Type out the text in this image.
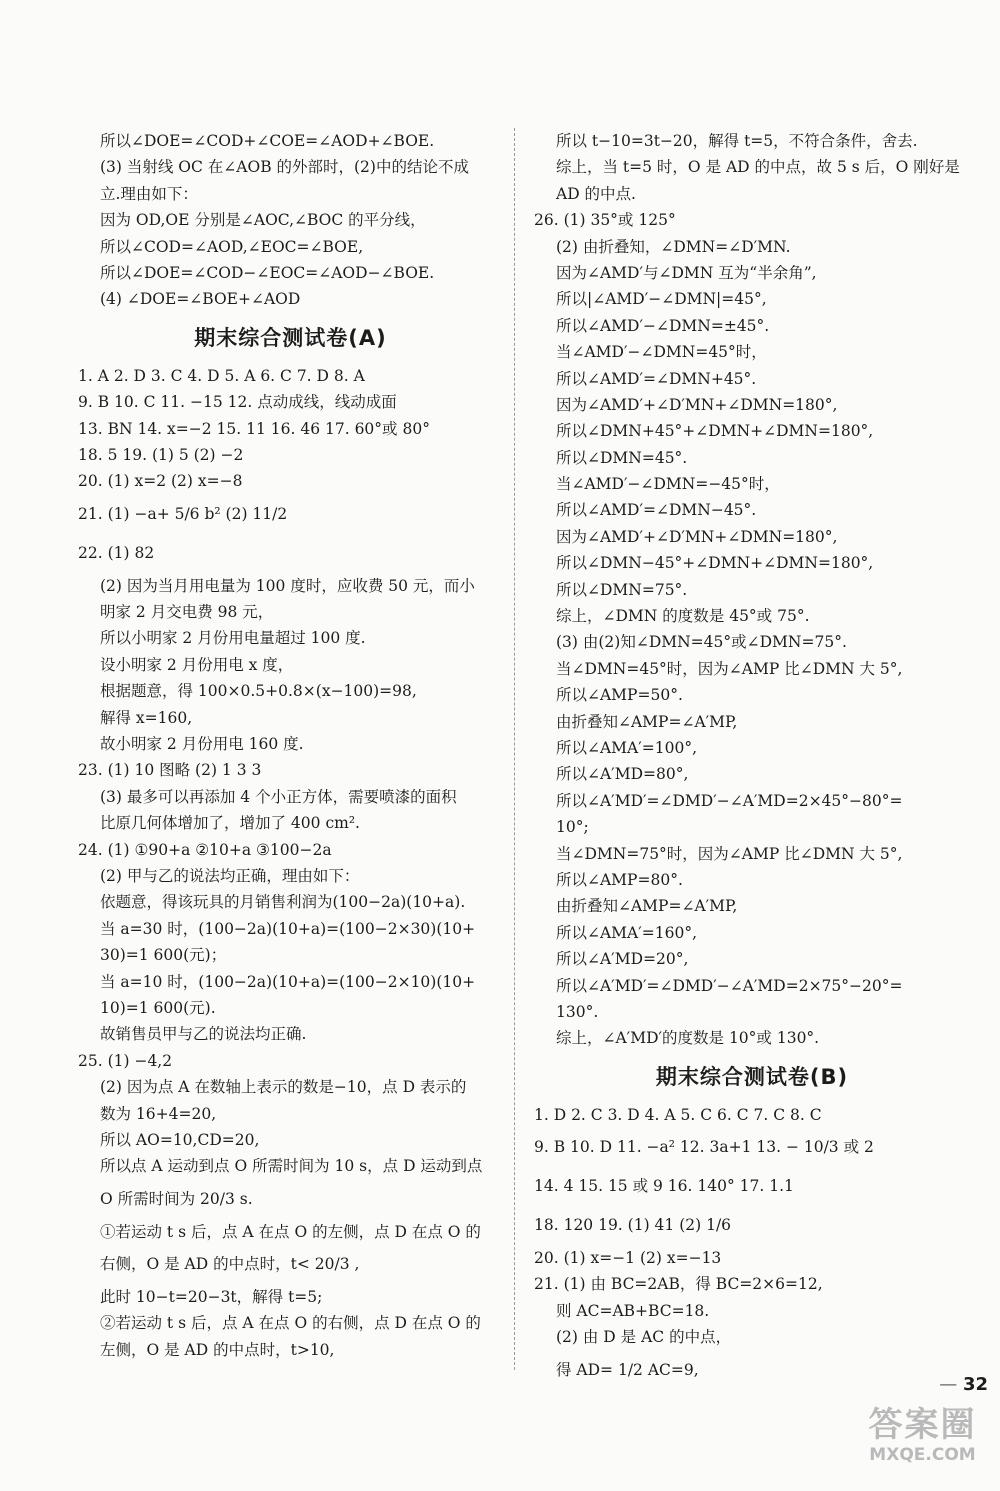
所以∠DOE=∠COD+∠COE=∠AOD+∠BOE.
(3) 当射线 OC 在∠AOB 的外部时，(2)中的结论不成
立.理由如下：
因为 OD,OE 分别是∠AOC,∠BOC 的平分线，
所以∠COD=∠AOD,∠EOC=∠BOE,
所以∠DOE=∠COD−∠EOC=∠AOD−∠BOE.
(4) ∠DOE=∠BOE+∠AOD
期末综合测试卷(A)
1. A 2. D 3. C 4. D 5. A 6. C 7. D 8. A
9. B 10. C 11. −15 12. 点动成线，线动成面
13. BN 14. x=−2 15. 11 16. 46 17. 60°或 80°
18. 5 19. (1) 5 (2) −2
20. (1) x=2 (2) x=−8
21. (1) −a+ 5/6 b² (2) 11/2
22. (1) 82
(2) 因为当月用电量为 100 度时，应收费 50 元，而小
明家 2 月交电费 98 元，
所以小明家 2 月份用电量超过 100 度.
设小明家 2 月份用电 x 度，
根据题意，得 100×0.5+0.8×(x−100)=98,
解得 x=160,
故小明家 2 月份用电 160 度.
23. (1) 10 图略 (2) 1 3 3
(3) 最多可以再添加 4 个小正方体，需要喷漆的面积
比原几何体增加了，增加了 400 cm².
24. (1) ①90+a ②10+a ③100−2a
(2) 甲与乙的说法均正确，理由如下：
依题意，得该玩具的月销售利润为(100−2a)(10+a).
当 a=30 时，(100−2a)(10+a)=(100−2×30)(10+
30)=1 600(元)；
当 a=10 时，(100−2a)(10+a)=(100−2×10)(10+
10)=1 600(元).
故销售员甲与乙的说法均正确.
25. (1) −4,2
(2) 因为点 A 在数轴上表示的数是−10，点 D 表示的
数为 16+4=20,
所以 AO=10,CD=20,
所以点 A 运动到点 O 所需时间为 10 s，点 D 运动到点
O 所需时间为 20/3 s.
①若运动 t s 后，点 A 在点 O 的左侧，点 D 在点 O 的
右侧，O 是 AD 的中点时，t< 20/3 ,
此时 10−t=20−3t，解得 t=5;
②若运动 t s 后，点 A 在点 O 的右侧，点 D 在点 O 的
左侧，O 是 AD 的中点时，t>10,
所以 t−10=3t−20，解得 t=5，不符合条件，舍去.
综上，当 t=5 时，O 是 AD 的中点，故 5 s 后，O 刚好是
AD 的中点.
26. (1) 35°或 125°
(2) 由折叠知，∠DMN=∠D′MN.
因为∠AMD′与∠DMN 互为“半余角”,
所以|∠AMD′−∠DMN|=45°,
所以∠AMD′−∠DMN=±45°.
当∠AMD′−∠DMN=45°时，
所以∠AMD′=∠DMN+45°.
因为∠AMD′+∠D′MN+∠DMN=180°,
所以∠DMN+45°+∠DMN+∠DMN=180°,
所以∠DMN=45°.
当∠AMD′−∠DMN=−45°时，
所以∠AMD′=∠DMN−45°.
因为∠AMD′+∠D′MN+∠DMN=180°,
所以∠DMN−45°+∠DMN+∠DMN=180°,
所以∠DMN=75°.
综上，∠DMN 的度数是 45°或 75°.
(3) 由(2)知∠DMN=45°或∠DMN=75°.
当∠DMN=45°时，因为∠AMP 比∠DMN 大 5°,
所以∠AMP=50°.
由折叠知∠AMP=∠A′MP,
所以∠AMA′=100°,
所以∠A′MD=80°,
所以∠A′MD′=∠DMD′−∠A′MD=2×45°−80°=
10°;
当∠DMN=75°时，因为∠AMP 比∠DMN 大 5°,
所以∠AMP=80°.
由折叠知∠AMP=∠A′MP,
所以∠AMA′=160°,
所以∠A′MD=20°,
所以∠A′MD′=∠DMD′−∠A′MD=2×75°−20°=
130°.
综上，∠A′MD′的度数是 10°或 130°.
期末综合测试卷(B)
1. D 2. C 3. D 4. A 5. C 6. C 7. C 8. C
9. B 10. D 11. −a² 12. 3a+1 13. − 10/3 或 2
14. 4 15. 15 或 9 16. 140° 17. 1.1
18. 120 19. (1) 41 (2) 1/6
20. (1) x=−1 (2) x=−13
21. (1) 由 BC=2AB，得 BC=2×6=12,
则 AC=AB+BC=18.
(2) 由 D 是 AC 的中点，
得 AD= 1/2 AC=9,
— 32
答案圈
MXQE.COM
